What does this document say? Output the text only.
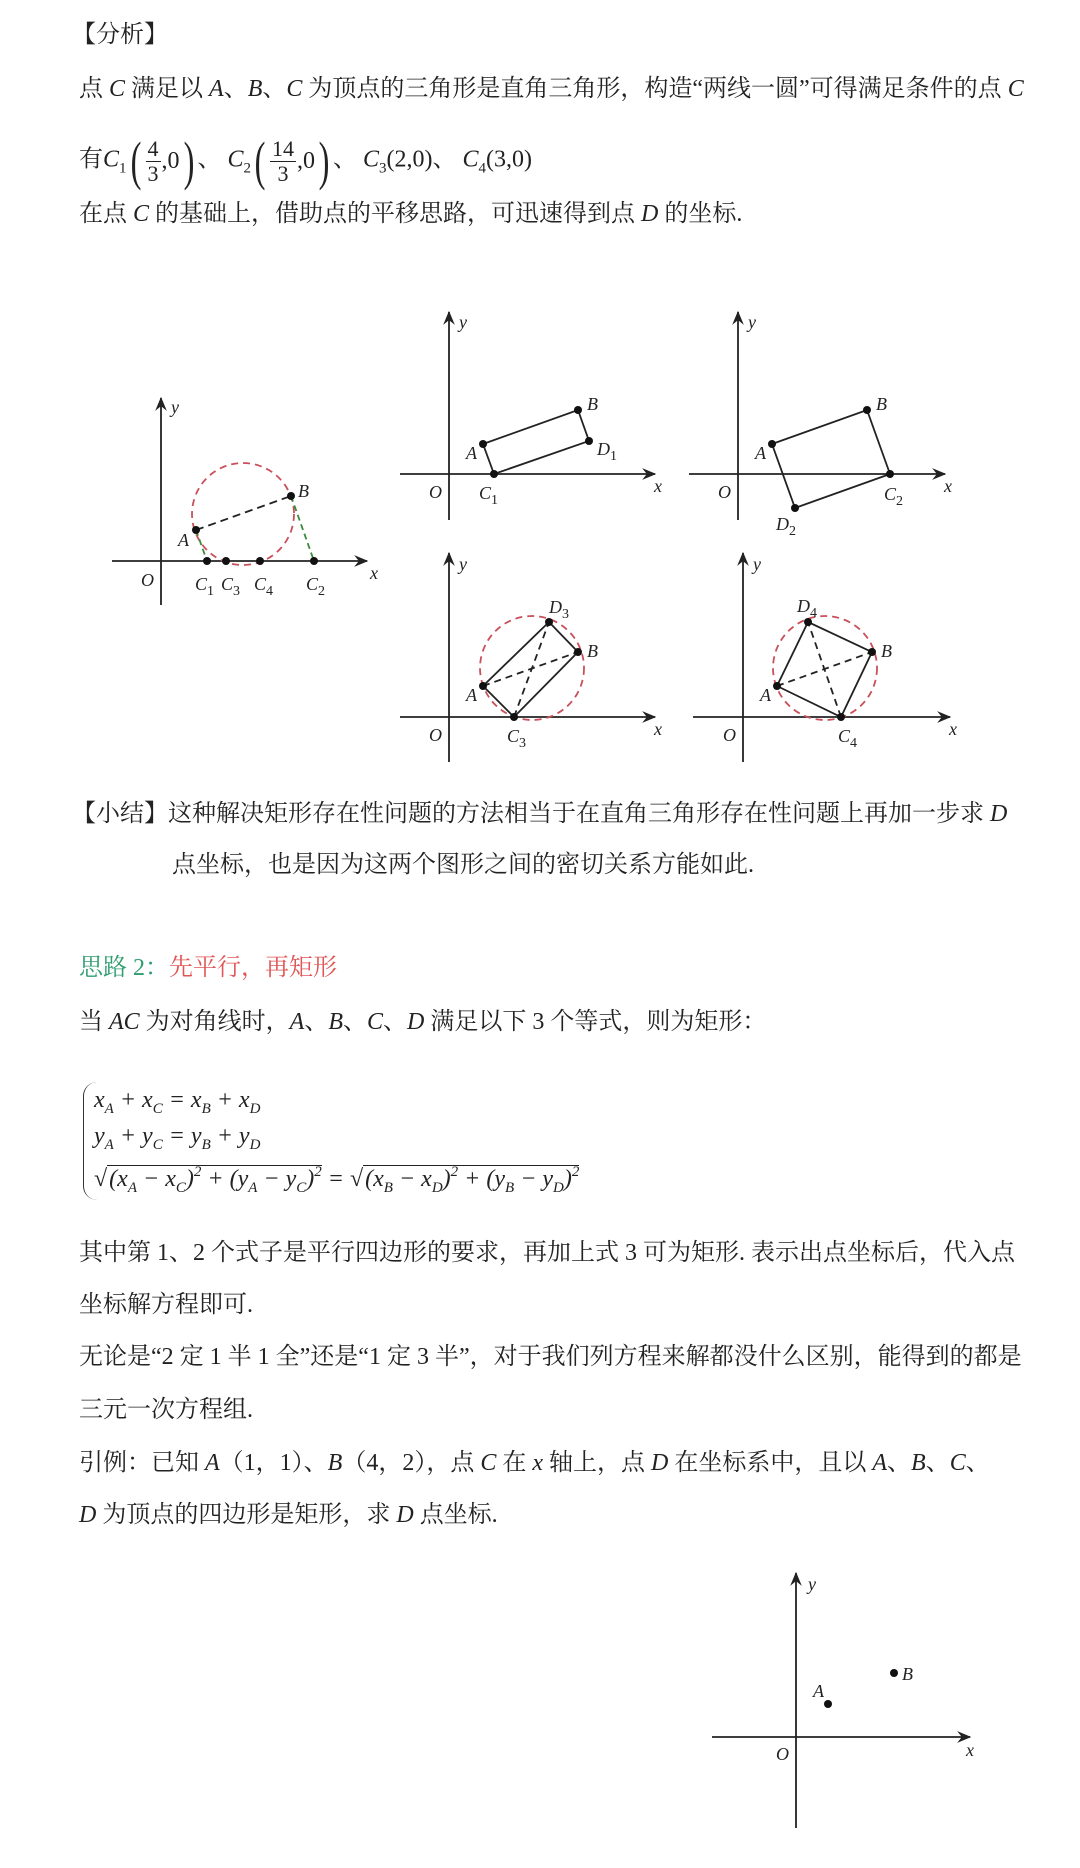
【分析】
点 C 满足以 A、B、C 为顶点的三角形是直角三角形，构造“两线一圆”可得满足条件的点 C
有$C_1$ ( $\frac{4}{3} ,0$ ) 、 $C_2$ ( $\frac{14}{3} ,0$ ) 、 $C_3(2,0)$、 $C_4(3,0)$
在点 C 的基础上，借助点的平移思路，可迅速得到点 D 的坐标.
y
O	x
A
B
$C_1$ $C_3$ $C_4$ $C_2$
y
O	x
A
B
$D_1$
$C_1$
y
O	x
A
B
$C_2$
$D_2$
y
O	x
A
B
$D_3$
$C_3$
y
O	x
A
B
$D_4$
$C_4$
y
O	x
A
B
【小结】这种解决矩形存在性问题的方法相当于在直角三角形存在性问题上再加一步求 D
点坐标，也是因为这两个图形之间的密切关系方能如此.
思路 2：先平行，再矩形
当 AC 为对角线时，A、B、C、D 满足以下 3 个等式，则为矩形：
$x_A + x_C = x_B + x_D$
$y_A + y_C = y_B + y_D$
$√(x_A - x_C)^2 + (y_A - y_C)^2 = √(x_B - x_D)^2 + (y_B - y_D)^2$
其中第 1、2 个式子是平行四边形的要求，再加上式 3 可为矩形. 表示出点坐标后，代入点
坐标解方程即可.
无论是“2 定 1 半 1 全”还是“1 定 3 半”，对于我们列方程来解都没什么区别，能得到的都是
三元一次方程组.
引例：已知 A（1，1）、B（4，2），点 C 在 x 轴上，点 D 在坐标系中，且以 A、B、C、
D 为顶点的四边形是矩形，求 D 点坐标.
